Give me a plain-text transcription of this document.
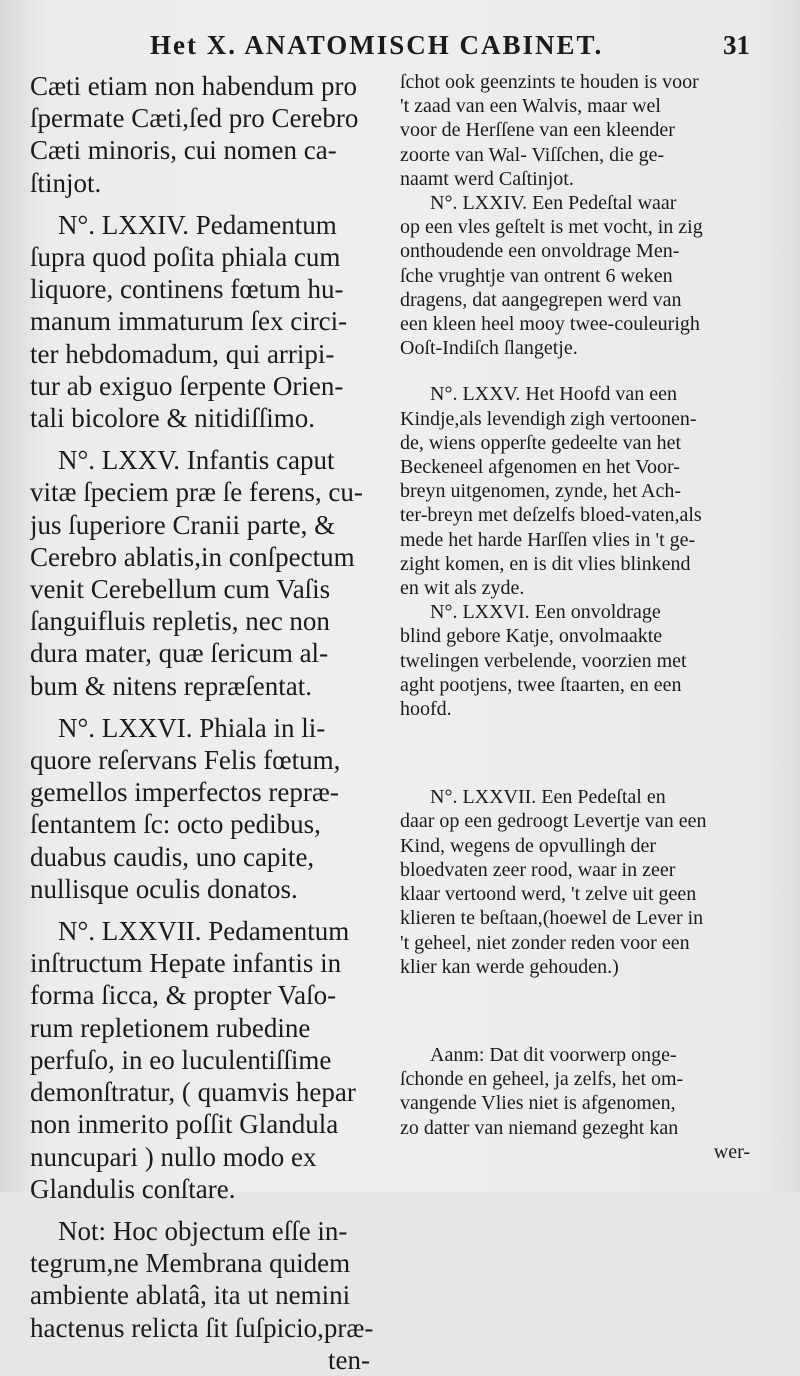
Het X. ANATOMISCH CABINET.	31
Cæti etiam non habendum pro
ſpermate Cæti,ſed pro Cerebro
Cæti minoris, cui nomen ca-
ſtinjot.
N°. LXXIV. Pedamentum
ſupra quod poſita phiala cum
liquore, continens fœtum hu-
manum immaturum ſex circi-
ter hebdomadum, qui arripi-
tur ab exiguo ſerpente Orien-
tali bicolore & nitidiſſimo.
N°. LXXV. Infantis caput
vitæ ſpeciem præ ſe ferens, cu-
jus ſuperiore Cranii parte, &
Cerebro ablatis,in conſpectum
venit Cerebellum cum Vaſis
ſanguifluis repletis, nec non
dura mater, quæ ſericum al-
bum & nitens repræſentat.
N°. LXXVI. Phiala in li-
quore reſervans Felis fœtum,
gemellos imperfectos repræ-
ſentantem ſc: octo pedibus,
duabus caudis, uno capite,
nullisque oculis donatos.
N°. LXXVII. Pedamentum
inſtructum Hepate infantis in
forma ſicca, & propter Vaſo-
rum repletionem rubedine
perfuſo, in eo luculentiſſime
demonſtratur, ( quamvis hepar
non inmerito poſſit Glandula
nuncupari ) nullo modo ex
Glandulis conſtare.
Not: Hoc objectum eſſe in-
tegrum,ne Membrana quidem
ambiente ablatâ, ita ut nemini
hactenus relicta ſit ſuſpicio,præ-
ten-
ſchot ook geenzints te houden is voor
't zaad van een Walvis, maar wel
voor de Herſſene van een kleender
zoorte van Wal- Viſſchen, die ge-
naamt werd Caſtinjot.
N°. LXXIV. Een Pedeſtal waar
op een vles geſtelt is met vocht, in zig
onthoudende een onvoldrage Men-
ſche vrughtje van ontrent 6 weken
dragens, dat aangegrepen werd van
een kleen heel mooy twee-couleurigh
Ooſt-Indiſch ſlangetje.
N°. LXXV. Het Hoofd van een
Kindje,als levendigh zigh vertoonen-
de, wiens opperſte gedeelte van het
Beckeneel afgenomen en het Voor-
breyn uitgenomen, zynde, het Ach-
ter-breyn met deſzelfs bloed-vaten,als
mede het harde Harſſen vlies in 't ge-
zight komen, en is dit vlies blinkend
en wit als zyde.
N°. LXXVI. Een onvoldrage
blind gebore Katje, onvolmaakte
twelingen verbelende, voorzien met
aght pootjens, twee ſtaarten, en een
hoofd.
N°. LXXVII. Een Pedeſtal en
daar op een gedroogt Levertje van een
Kind, wegens de opvullingh der
bloedvaten zeer rood, waar in zeer
klaar vertoond werd, 't zelve uit geen
klieren te beſtaan,(hoewel de Lever in
't geheel, niet zonder reden voor een
klier kan werde gehouden.)
Aanm: Dat dit voorwerp onge-
ſchonde en geheel, ja zelfs, het om-
vangende Vlies niet is afgenomen,
zo datter van niemand gezeght kan
wer-
